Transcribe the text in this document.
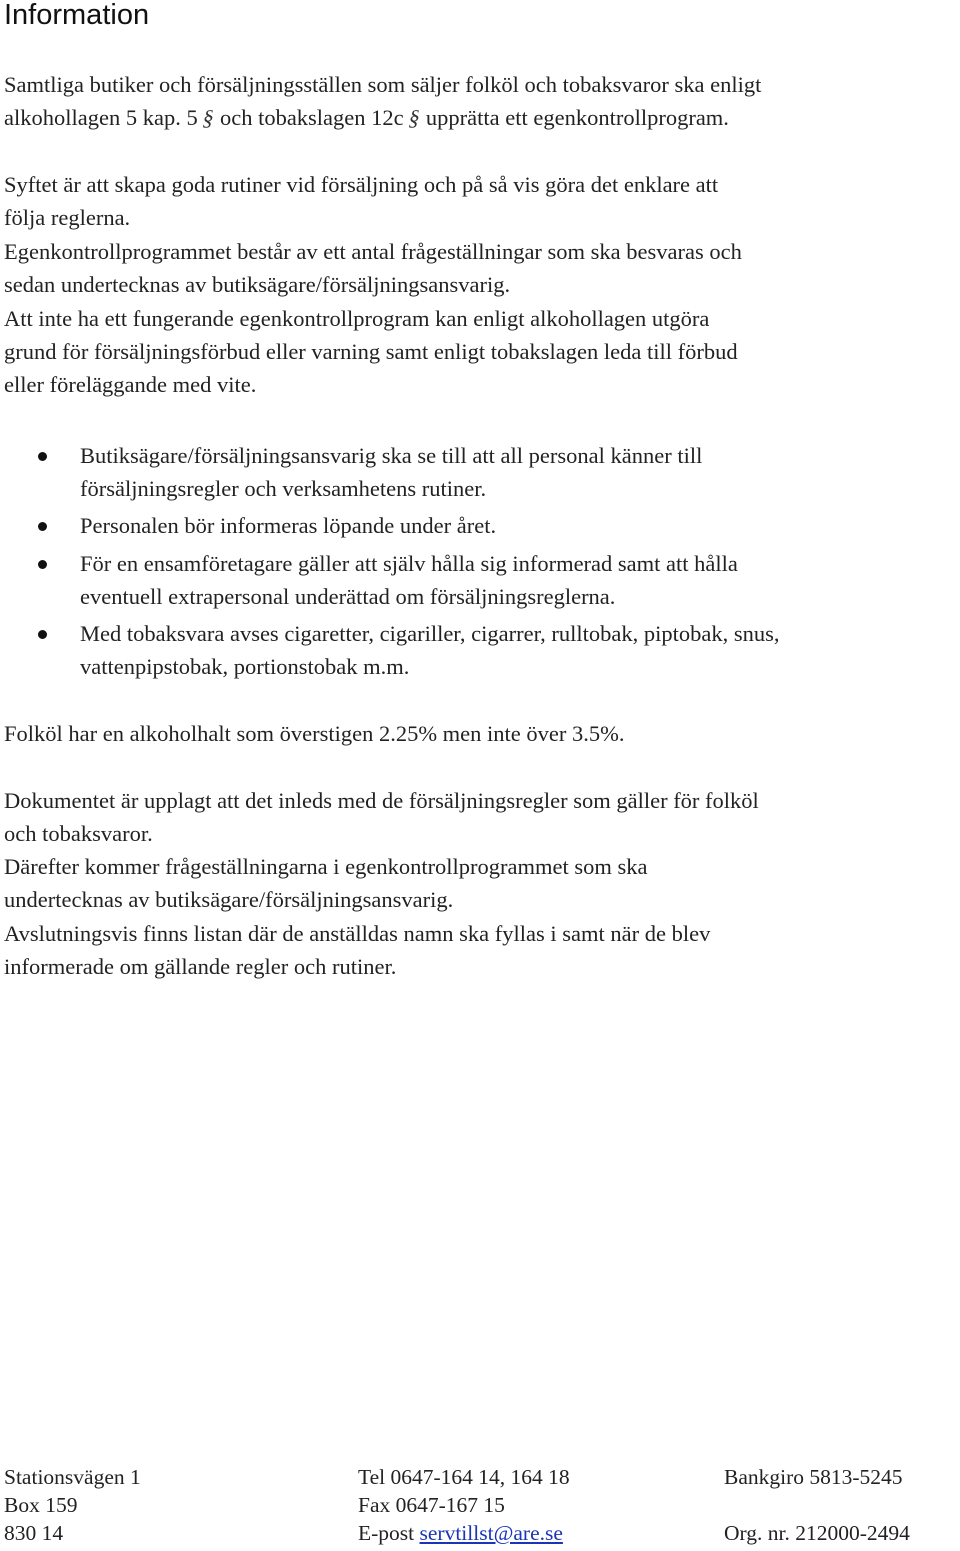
Information
Samtliga butiker och försäljningsställen som säljer folköl och tobaksvaror ska enligt
alkohollagen 5 kap. 5 § och tobakslagen 12c § upprätta ett egenkontrollprogram.
Syftet är att skapa goda rutiner vid försäljning och på så vis göra det enklare att
följa reglerna.
Egenkontrollprogrammet består av ett antal frågeställningar som ska besvaras och
sedan undertecknas av butiksägare/försäljningsansvarig.
Att inte ha ett fungerande egenkontrollprogram kan enligt alkohollagen utgöra
grund för försäljningsförbud eller varning samt enligt tobakslagen leda till förbud
eller föreläggande med vite.
Butiksägare/försäljningsansvarig ska se till att all personal känner till
försäljningsregler och verksamhetens rutiner.
Personalen bör informeras löpande under året.
För en ensamföretagare gäller att själv hålla sig informerad samt att hålla
eventuell extrapersonal underättad om försäljningsreglerna.
Med tobaksvara avses cigaretter, cigariller, cigarrer, rulltobak, piptobak, snus,
vattenpipstobak, portionstobak m.m.
Folköl har en alkoholhalt som överstigen 2.25% men inte över 3.5%.
Dokumentet är upplagt att det inleds med de försäljningsregler som gäller för folköl
och tobaksvaror.
Därefter kommer frågeställningarna i egenkontrollprogrammet som ska
undertecknas av butiksägare/försäljningsansvarig.
Avslutningsvis finns listan där de anställdas namn ska fyllas i samt när de blev
informerade om gällande regler och rutiner.
Stationsvägen 1
Box 159
830 14
Tel 0647-164 14, 164 18
Fax 0647-167 15
E-post servtillst@are.se
Bankgiro 5813-5245
Org. nr. 212000-2494
